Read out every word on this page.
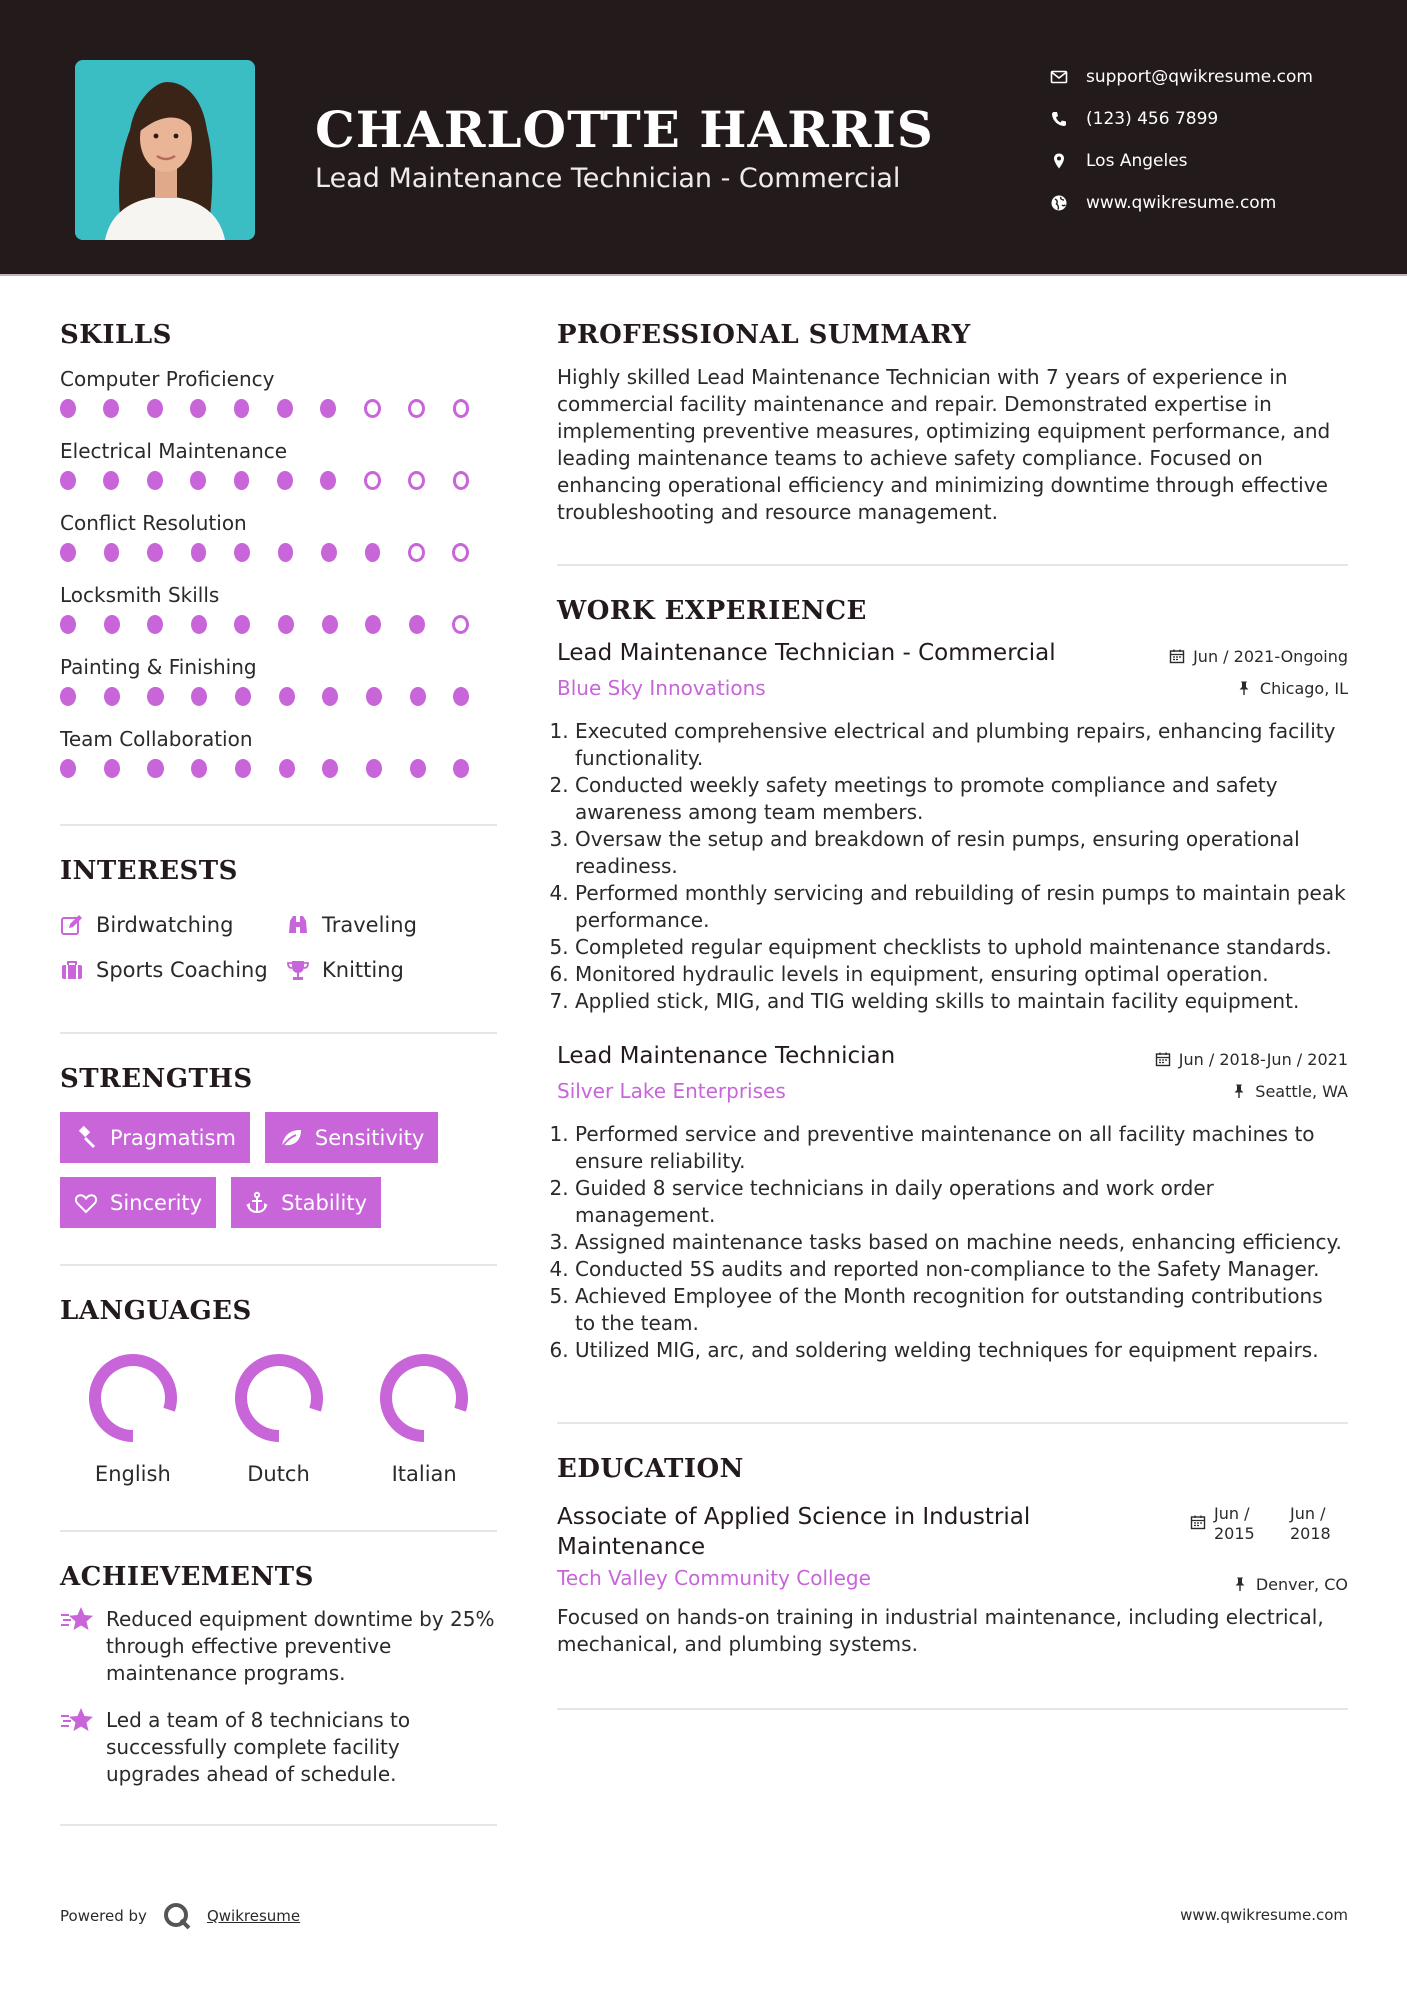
CHARLOTTE HARRIS
Lead Maintenance Technician - Commercial
support@qwikresume.com
(123) 456 7899
Los Angeles
www.qwikresume.com
SKILLS
Computer Proficiency
Electrical Maintenance
Conflict Resolution
Locksmith Skills
Painting & Finishing
Team Collaboration
INTERESTS
Birdwatching	Traveling
Sports Coaching	Knitting
STRENGTHS
Pragmatism	Sensitivity
Sincerity	Stability
LANGUAGES
English	Dutch	Italian
ACHIEVEMENTS
Reduced equipment downtime by 25% through effective preventive maintenance programs.
Led a team of 8 technicians to successfully complete facility upgrades ahead of schedule.
PROFESSIONAL SUMMARY
Highly skilled Lead Maintenance Technician with 7 years of experience in commercial facility maintenance and repair. Demonstrated expertise in implementing preventive measures, optimizing equipment performance, and leading maintenance teams to achieve safety compliance. Focused on enhancing operational efficiency and minimizing downtime through effective troubleshooting and resource management.
WORK EXPERIENCE
Lead Maintenance Technician - Commercial
Blue Sky Innovations
Jun / 2021-Ongoing
Chicago, IL
1. Executed comprehensive electrical and plumbing repairs, enhancing facility functionality.
2. Conducted weekly safety meetings to promote compliance and safety awareness among team members.
3. Oversaw the setup and breakdown of resin pumps, ensuring operational readiness.
4. Performed monthly servicing and rebuilding of resin pumps to maintain peak performance.
5. Completed regular equipment checklists to uphold maintenance standards.
6. Monitored hydraulic levels in equipment, ensuring optimal operation.
7. Applied stick, MIG, and TIG welding skills to maintain facility equipment.
Lead Maintenance Technician
Silver Lake Enterprises
Jun / 2018-Jun / 2021
Seattle, WA
1. Performed service and preventive maintenance on all facility machines to ensure reliability.
2. Guided 8 service technicians in daily operations and work order management.
3. Assigned maintenance tasks based on machine needs, enhancing efficiency.
4. Conducted 5S audits and reported non-compliance to the Safety Manager.
5. Achieved Employee of the Month recognition for outstanding contributions to the team.
6. Utilized MIG, arc, and soldering welding techniques for equipment repairs.
EDUCATION
Associate of Applied Science in Industrial Maintenance
Jun /
2015
Jun /
2018
Tech Valley Community College	Denver, CO
Focused on hands-on training in industrial maintenance, including electrical, mechanical, and plumbing systems.
Powered by	Qwikresume	www.qwikresume.com
